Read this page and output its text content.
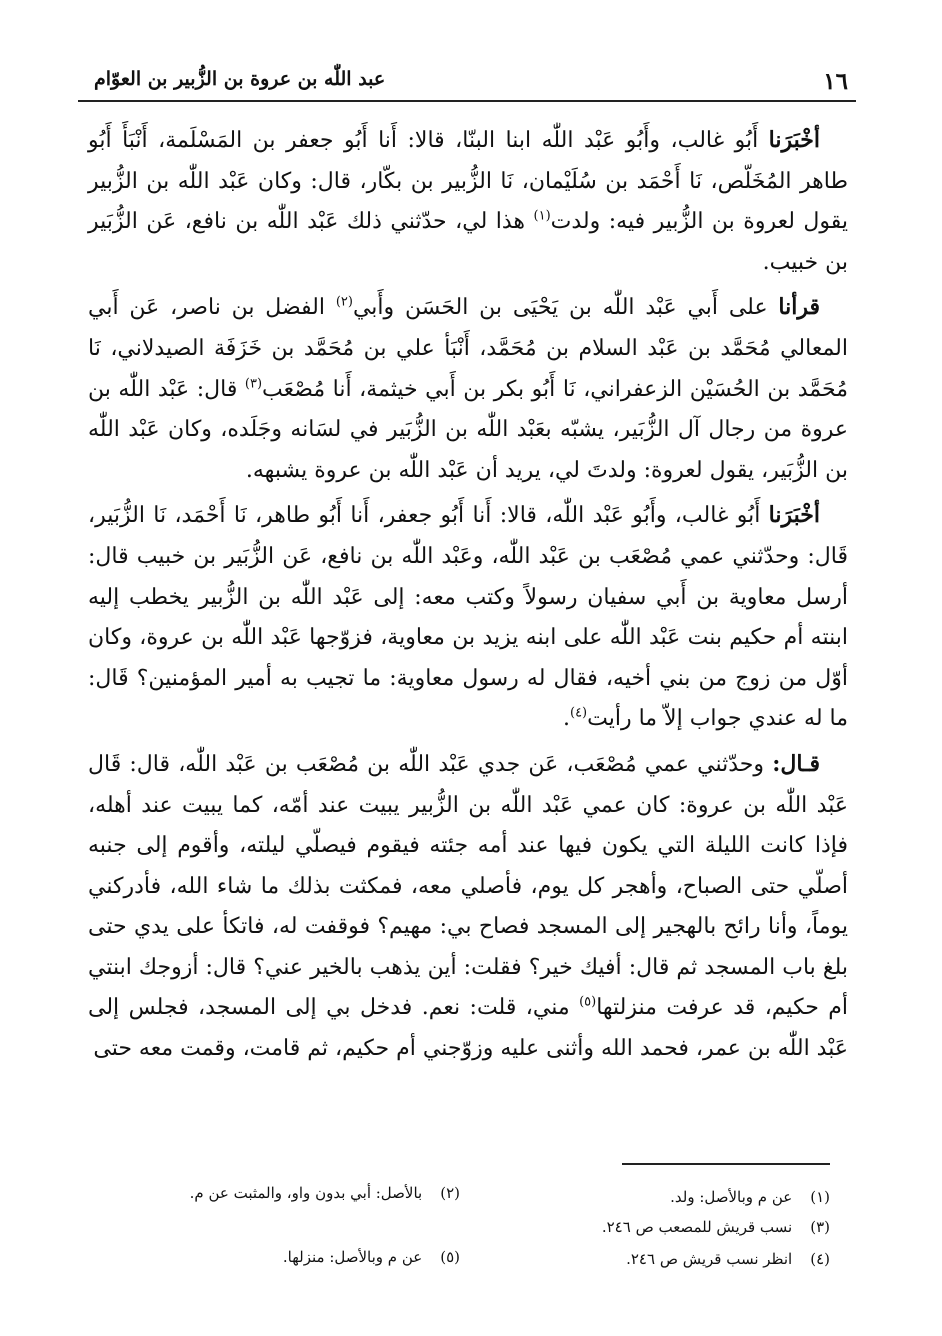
١٦
عبد اللّٰه بن عروة بن الزُّبير بن العوّام

أخْبَرَنا أَبُو غالب، وأَبُو عَبْد اللّٰه ابنا البنّا، قالا: أَنا أَبُو جعفر بن المَسْلَمة، أَنْبَأَ أَبُو طاهر المُخَلّص، نَا أَحْمَد بن سُلَيْمان، نَا الزُّبير بن بكّار، قال: وكان عَبْد اللّٰه بن الزُّبير يقول لعروة بن الزُّبير فيه: ولدت$^{(١)}$ هذا لي، حدّثني ذلك عَبْد اللّٰه بن نافع، عَن الزُّبَير بن خبيب.

قرأنا على أَبي عَبْد اللّٰه بن يَحْيَى بن الحَسَن وأَبي$^{(٢)}$ الفضل بن ناصر، عَن أَبي المعالي مُحَمَّد بن عَبْد السلام بن مُحَمَّد، أَنْبَأ علي بن مُحَمَّد بن خَزَفَة الصيدلاني، نَا مُحَمَّد بن الحُسَيْن الزعفراني، نَا أَبُو بكر بن أَبي خيثمة، أَنا مُصْعَب$^{(٣)}$ قال: عَبْد اللّٰه بن عروة من رجال آل الزُّبَير، يشبّه بعَبْد اللّٰه بن الزُّبَير في لسَانه وجَلَده، وكان عَبْد اللّٰه بن الزُّبَير، يقول لعروة: ولدتَ لي، يريد أن عَبْد اللّٰه بن عروة يشبهه.

أخْبَرَنا أَبُو غالب، وأَبُو عَبْد اللّٰه، قالا: أَنا أَبُو جعفر، أَنا أَبُو طاهر، نَا أَحْمَد، نَا الزُّبَير، قَال: وحدّثني عمي مُصْعَب بن عَبْد اللّٰه، وعَبْد اللّٰه بن نافع، عَن الزُّبَير بن خبيب قال: أرسل معاوية بن أَبي سفيان رسولاً وكتب معه: إلى عَبْد اللّٰه بن الزُّبير يخطب إليه ابنته أم حكيم بنت عَبْد اللّٰه على ابنه يزيد بن معاوية، فزوّجها عَبْد اللّٰه بن عروة، وكان أوّل من زوج من بني أخيه، فقال له رسول معاوية: ما تجيب به أمير المؤمنين؟ قَال: ما له عندي جواب إلاّ ما رأيت$^{(٤)}$.

قـال: وحدّثني عمي مُصْعَب، عَن جدي عَبْد اللّٰه بن مُصْعَب بن عَبْد اللّٰه، قال: قَال عَبْد اللّٰه بن عروة: كان عمي عَبْد اللّٰه بن الزُّبير يبيت عند أمّه، كما يبيت عند أهله، فإذا كانت الليلة التي يكون فيها عند أمه جئته فيقوم فيصلّي ليلته، وأقوم إلى جنبه أصلّي حتى الصباح، وأهجر كل يوم، فأصلي معه، فمكثت بذلك ما شاء الله، فأدركني يوماً، وأنا رائح بالهجير إلى المسجد فصاح بي: مهيم؟ فوقفت له، فاتكأ على يدي حتى بلغ باب المسجد ثم قال: أفيك خير؟ فقلت: أين يذهب بالخير عني؟ قال: أزوجك ابنتي أم حكيم، قد عرفت منزلتها$^{(٥)}$ مني، قلت: نعم. فدخل بي إلى المسجد، فجلس إلى عَبْد اللّٰه بن عمر، فحمد الله وأثنى عليه وزوّجني أم حكيم، ثم قامت، وقمت معه حتى

(١)عن م وبالأصل: ولد.
(٢)بالأصل: أبي بدون واو، والمثبت عن م.
(٣)نسب قريش للمصعب ص ٢٤٦.
(٤)انظر نسب قريش ص ٢٤٦.
(٥)عن م وبالأصل: منزلها.
